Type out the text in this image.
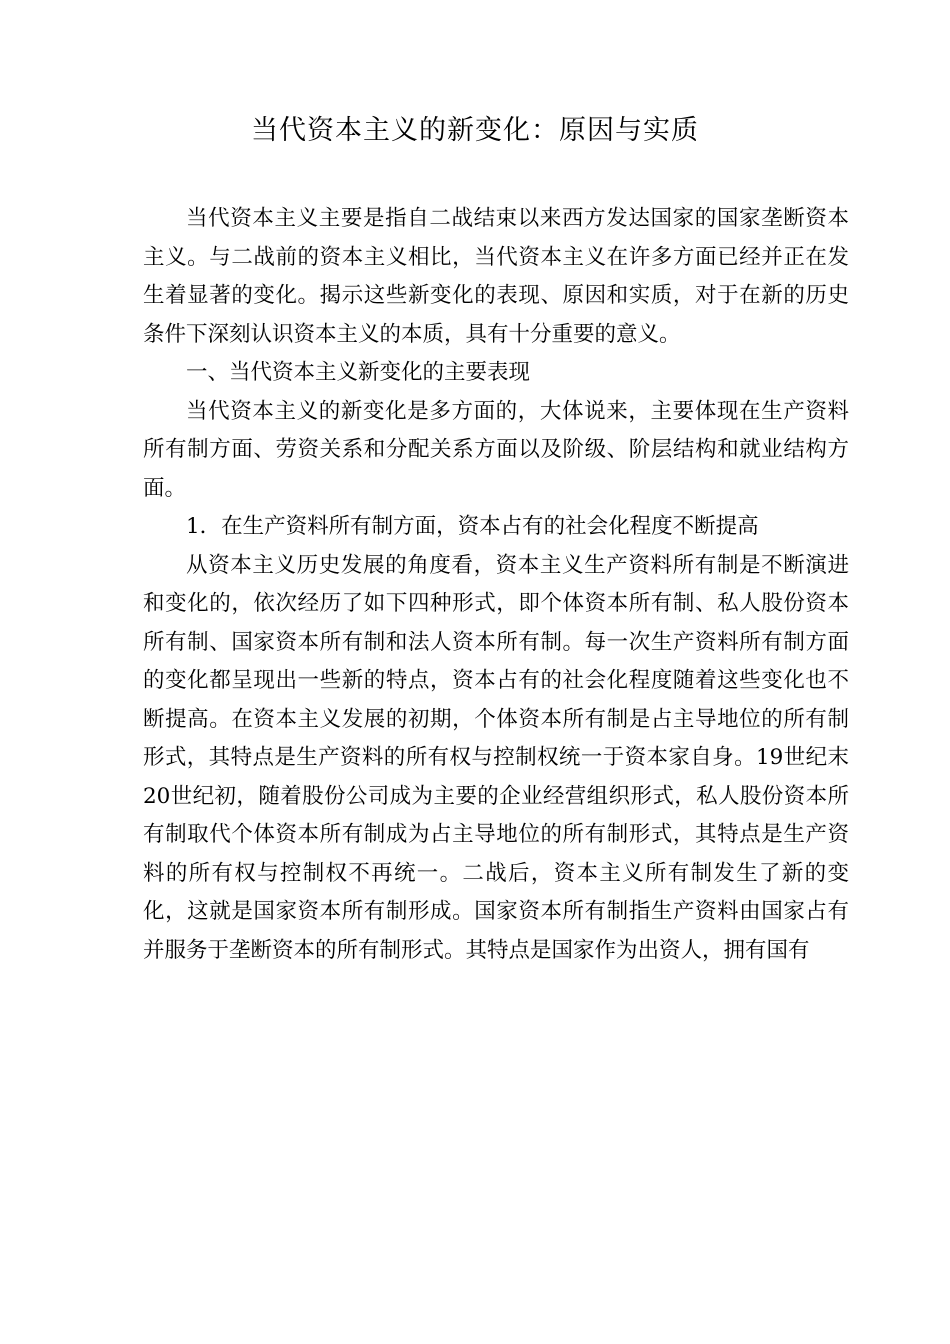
当代资本主义的新变化：原因与实质

当代资本主义主要是指自二战结束以来西方发达国家的国家垄断资本主义。与二战前的资本主义相比，当代资本主义在许多方面已经并正在发生着显著的变化。揭示这些新变化的表现、原因和实质，对于在新的历史条件下深刻认识资本主义的本质，具有十分重要的意义。

一、当代资本主义新变化的主要表现

当代资本主义的新变化是多方面的，大体说来，主要体现在生产资料所有制方面、劳资关系和分配关系方面以及阶级、阶层结构和就业结构方面。

1．在生产资料所有制方面，资本占有的社会化程度不断提高

从资本主义历史发展的角度看，资本主义生产资料所有制是不断演进和变化的，依次经历了如下四种形式，即个体资本所有制、私人股份资本所有制、国家资本所有制和法人资本所有制。每一次生产资料所有制方面的变化都呈现出一些新的特点，资本占有的社会化程度随着这些变化也不断提高。在资本主义发展的初期，个体资本所有制是占主导地位的所有制形式，其特点是生产资料的所有权与控制权统一于资本家自身。19世纪末20世纪初，随着股份公司成为主要的企业经营组织形式，私人股份资本所有制取代个体资本所有制成为占主导地位的所有制形式，其特点是生产资料的所有权与控制权不再统一。二战后，资本主义所有制发生了新的变化，这就是国家资本所有制形成。国家资本所有制指生产资料由国家占有并服务于垄断资本的所有制形式。其特点是国家作为出资人，拥有国有
